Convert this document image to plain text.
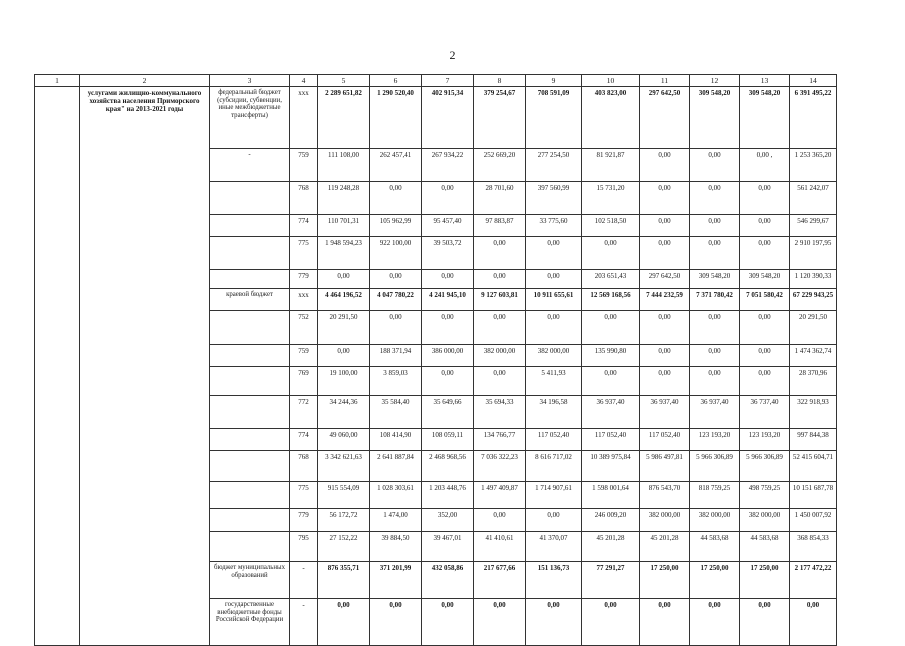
2
1	2	3	4	5	6	7	8	9	10	11	12	13	14
	услугами жилищно-коммунального хозяйства населения Приморского края" на 2013-2021 годы	федеральный бюджет (субсидии, субвенции, иные межбюджетные трансферты)	ххх	2 289 651,82	1 290 520,40	402 915,34	379 254,67	708 591,09	403 823,00	297 642,50	309 548,20	309 548,20	6 391 495,22
		-	759	111 108,00	262 457,41	267 934,22	252 669,20	277 254,50	81 921,87	0,00	0,00	0,00 ,	1 253 365,20
			768	119 248,28	0,00	0,00	28 701,60	397 560,99	15 731,20	0,00	0,00	0,00	561 242,07
			774	110 701,31	105 962,99	95 457,40	97 883,87	33 775,60	102 518,50	0,00	0,00	0,00	546 299,67
			775	1 948 594,23	922 100,00	39 503,72	0,00	0,00	0,00	0,00	0,00	0,00	2 910 197,95
			779	0,00	0,00	0,00	0,00	0,00	203 651,43	297 642,50	309 548,20	309 548,20	1 120 390,33
		краевой бюджет	ххх	4 464 196,52	4 047 780,22	4 241 945,10	9 127 603,81	10 911 655,61	12 569 168,56	7 444 232,59	7 371 780,42	7 051 580,42	67 229 943,25
			752	20 291,50	0,00	0,00	0,00	0,00	0,00	0,00	0,00	0,00	20 291,50
			759	0,00	188 371,94	386 000,00	382 000,00	382 000,00	135 990,80	0,00	0,00	0,00	1 474 362,74
			769	19 100,00	3 859,03	0,00	0,00	5 411,93	0,00	0,00	0,00	0,00	28 370,96
			772	34 244,36	35 584,40	35 649,66	35 694,33	34 196,58	36 937,40	36 937,40	36 937,40	36 737,40	322 918,93
			774	49 060,00	108 414,90	108 059,11	134 766,77	117 052,40	117 052,40	117 052,40	123 193,20	123 193,20	997 844,38
			768	3 342 621,63	2 641 887,84	2 468 968,56	7 036 322,23	8 616 717,02	10 389 975,84	5 986 497,81	5 966 306,89	5 966 306,89	52 415 604,71
			775	915 554,09	1 028 303,61	1 203 448,76	1 497 409,87	1 714 907,61	1 598 001,64	876 543,70	818 759,25	498 759,25	10 151 687,78
			779	56 172,72	1 474,00	352,00	0,00	0,00	246 009,20	382 000,00	382 000,00	382 000,00	1 450 007,92
			795	27 152,22	39 884,50	39 467,01	41 410,61	41 370,07	45 201,28	45 201,28	44 583,68	44 583,68	368 854,33
		бюджет муниципальных образований	-	876 355,71	371 201,99	432 058,86	217 677,66	151 136,73	77 291,27	17 250,00	17 250,00	17 250,00	2 177 472,22
		государственные внебюджетные фонды Российской Федерации	-	0,00	0,00	0,00	0,00	0,00	0,00	0,00	0,00	0,00	0,00
